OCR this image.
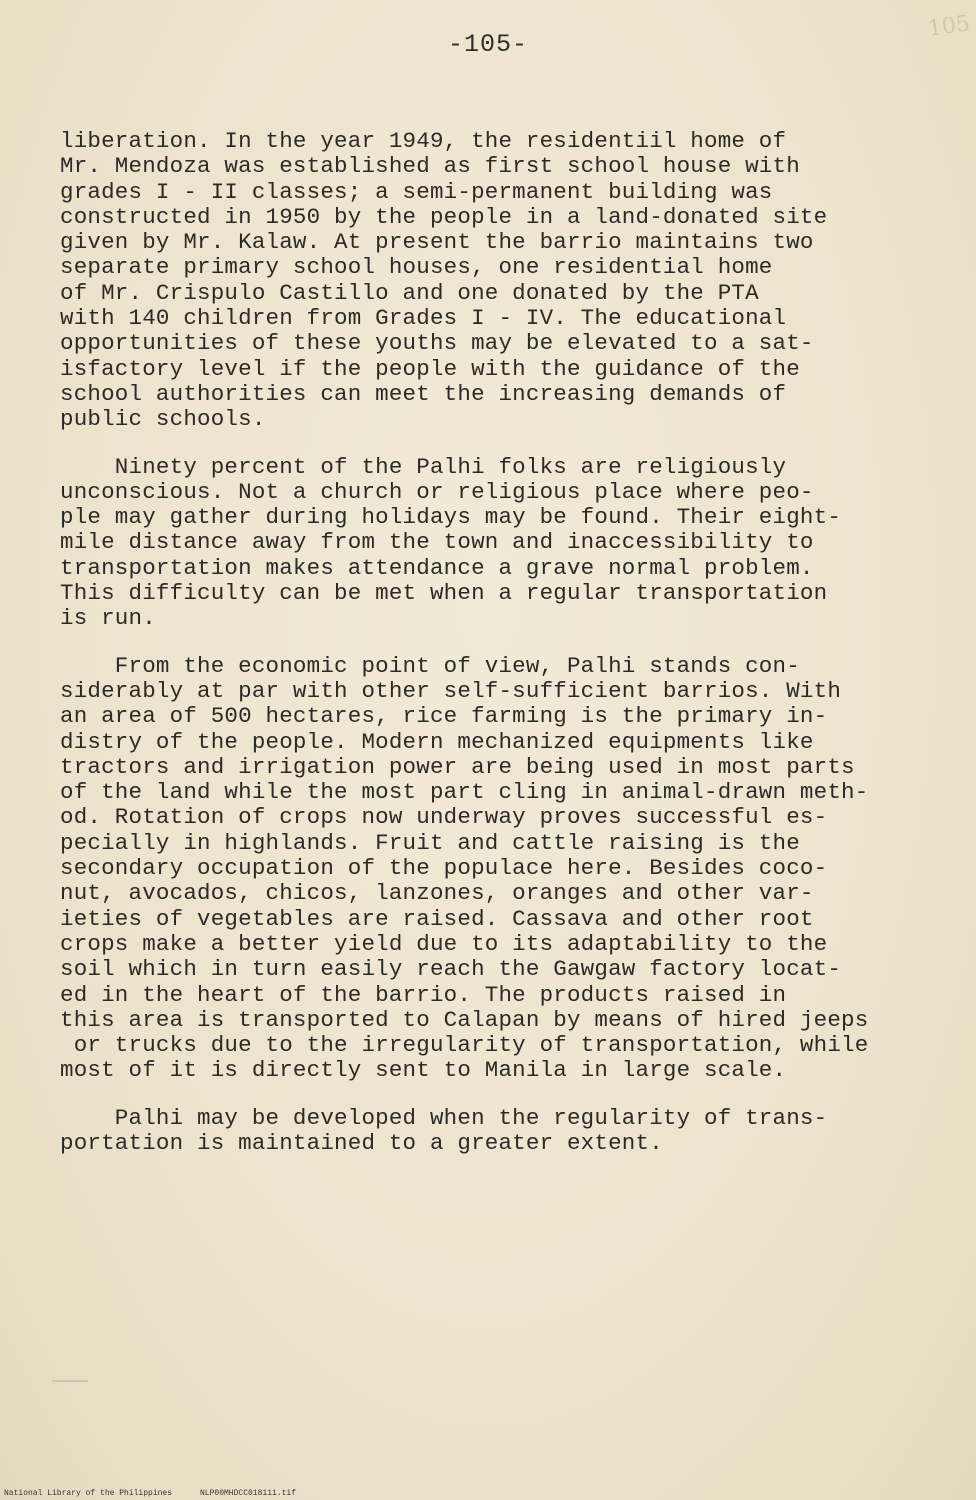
105
-105-
liberation. In the year 1949, the residentiil home of
Mr. Mendoza was established as first school house with
grades I - II classes; a semi-permanent building was
constructed in 1950 by the people in a land-donated site
given by Mr. Kalaw. At present the barrio maintains two
separate primary school houses, one residential home
of Mr. Crispulo Castillo and one donated by the PTA
with 140 children from Grades I - IV. The educational
opportunities of these youths may be elevated to a sat-
isfactory level if the people with the guidance of the
school authorities can meet the increasing demands of
public schools.
Ninety percent of the Palhi folks are religiously
unconscious. Not a church or religious place where peo-
ple may gather during holidays may be found. Their eight-
mile distance away from the town and inaccessibility to
transportation makes attendance a grave normal problem.
This difficulty can be met when a regular transportation
is run.
From the economic point of view, Palhi stands con-
siderably at par with other self-sufficient barrios. With
an area of 500 hectares, rice farming is the primary in-
distry of the people. Modern mechanized equipments like
tractors and irrigation power are being used in most parts
of the land while the most part cling in animal-drawn meth-
od. Rotation of crops now underway proves successful es-
pecially in highlands. Fruit and cattle raising is the
secondary occupation of the populace here. Besides coco-
nut, avocados, chicos, lanzones, oranges and other var-
ieties of vegetables are raised. Cassava and other root
crops make a better yield due to its adaptability to the
soil which in turn easily reach the Gawgaw factory locat-
ed in the heart of the barrio. The products raised in
this area is transported to Calapan by means of hired jeeps
or trucks due to the irregularity of transportation, while
most of it is directly sent to Manila in large scale.
Palhi may be developed when the regularity of trans-
portation is maintained to a greater extent.
National Library of the Philippines	NLP00MHDCC018111.tif
